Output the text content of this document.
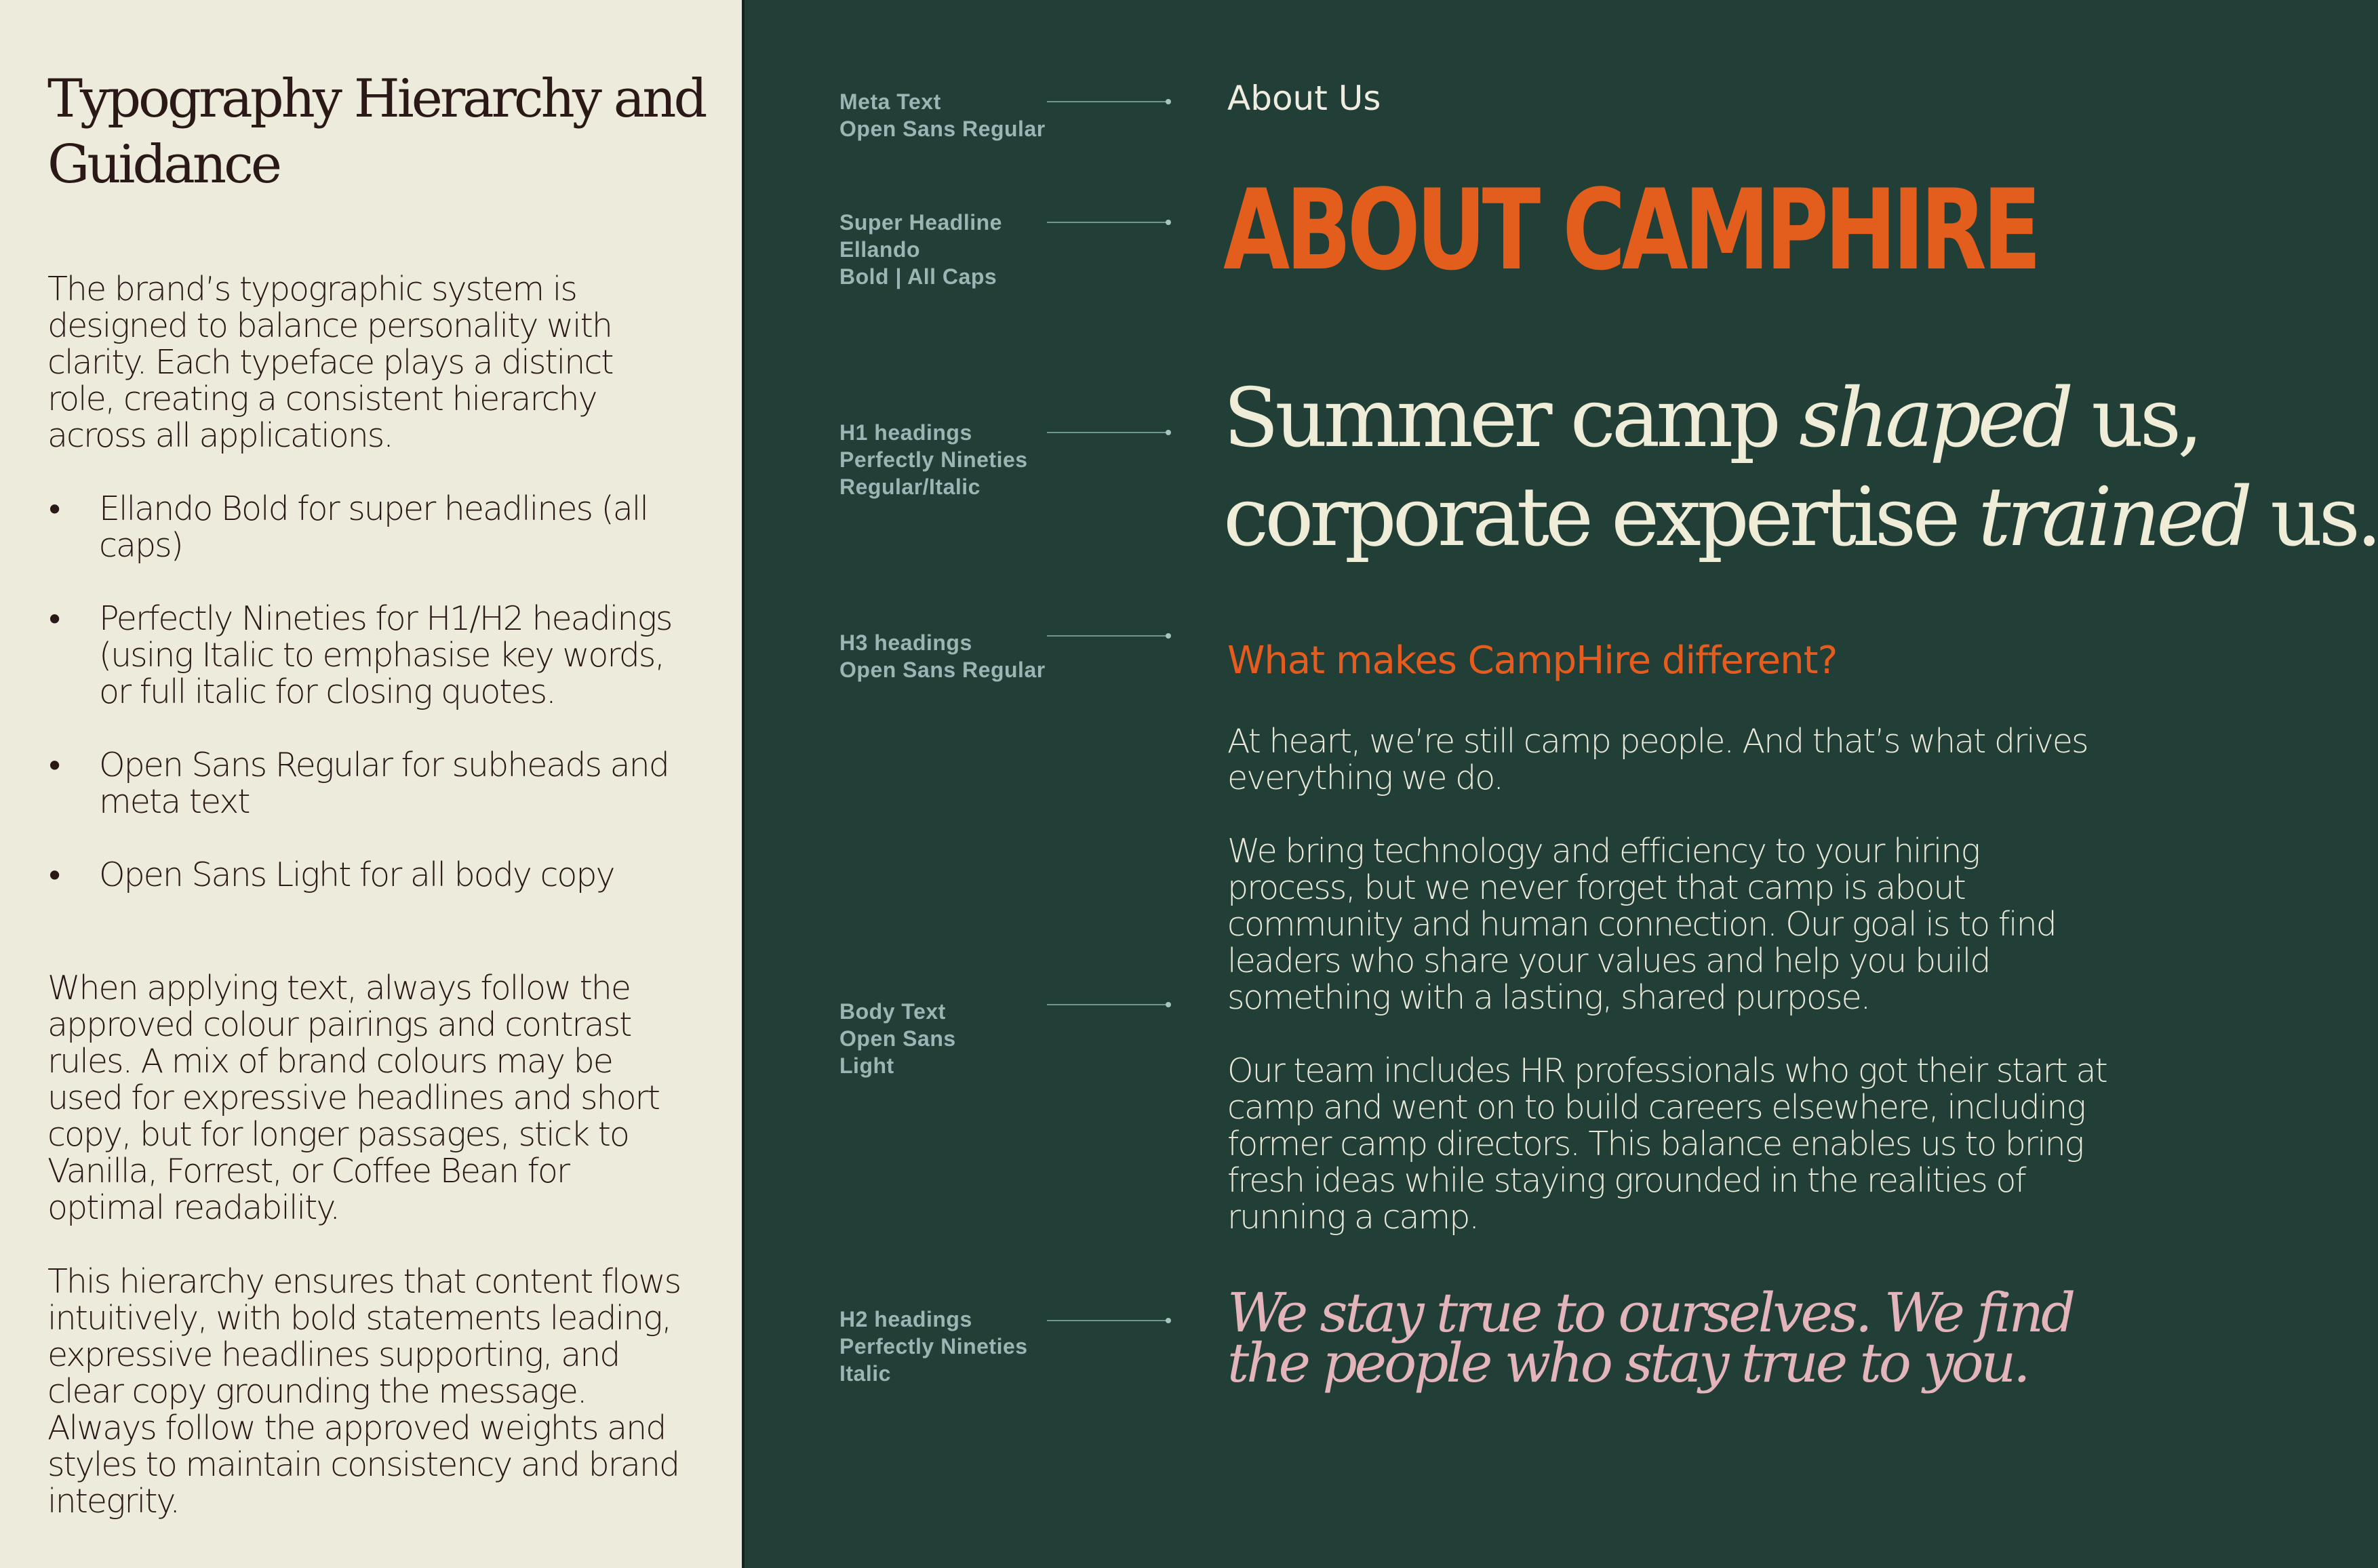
Typography Hierarchy and Guidance

The brand’s typographic system is designed to balance personality with clarity. Each typeface plays a distinct role, creating a consistent hierarchy across all applications.

• Ellando Bold for super headlines (all caps)
• Perfectly Nineties for H1/H2 headings (using Italic to emphasise key words, or full italic for closing quotes.
• Open Sans Regular for subheads and meta text
• Open Sans Light for all body copy

When applying text, always follow the approved colour pairings and contrast rules. A mix of brand colours may be used for expressive headlines and short copy, but for longer passages, stick to Vanilla, Forrest, or Coffee Bean for optimal readability.

This hierarchy ensures that content flows intuitively, with bold statements leading, expressive headlines supporting, and clear copy grounding the message. Always follow the approved weights and styles to maintain consistency and brand integrity.

Meta Text
Open Sans Regular
Super Headline
Ellando
Bold | All Caps
H1 headings
Perfectly Nineties
Regular/Italic
H3 headings
Open Sans Regular
Body Text
Open Sans
Light
H2 headings
Perfectly Nineties
Italic
About Us
ABOUT CAMPHIRE
Summer camp shaped us,
corporate expertise trained us.
What makes CampHire different?

At heart, we’re still camp people. And that’s what drives everything we do.

We bring technology and efficiency to your hiring process, but we never forget that camp is about community and human connection. Our goal is to find leaders who share your values and help you build something with a lasting, shared purpose.

Our team includes HR professionals who got their start at camp and went on to build careers elsewhere, including former camp directors. This balance enables us to bring fresh ideas while staying grounded in the realities of running a camp.

We stay true to ourselves. We find
the people who stay true to you.
